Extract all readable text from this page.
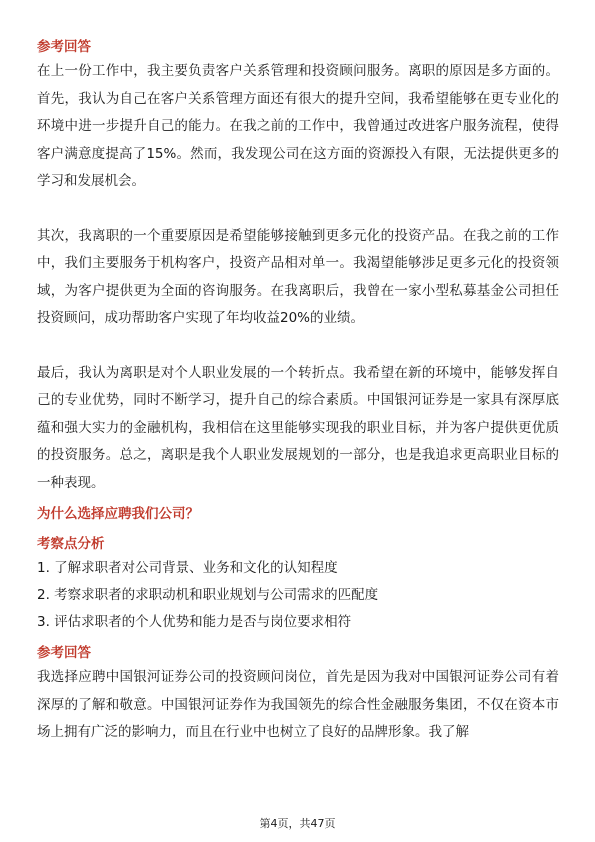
参考回答

在上一份工作中，我主要负责客户关系管理和投资顾问服务。离职的原因是多方面的。首先，我认为自己在客户关系管理方面还有很大的提升空间，我希望能够在更专业化的环境中进一步提升自己的能力。在我之前的工作中，我曾通过改进客户服务流程，使得客户满意度提高了15%。然而，我发现公司在这方面的资源投入有限，无法提供更多的学习和发展机会。

其次，我离职的一个重要原因是希望能够接触到更多元化的投资产品。在我之前的工作中，我们主要服务于机构客户，投资产品相对单一。我渴望能够涉足更多元化的投资领域，为客户提供更为全面的咨询服务。在我离职后，我曾在一家小型私募基金公司担任投资顾问，成功帮助客户实现了年均收益20%的业绩。

最后，我认为离职是对个人职业发展的一个转折点。我希望在新的环境中，能够发挥自己的专业优势，同时不断学习，提升自己的综合素质。中国银河证券是一家具有深厚底蕴和强大实力的金融机构，我相信在这里能够实现我的职业目标，并为客户提供更优质的投资服务。总之，离职是我个人职业发展规划的一部分，也是我追求更高职业目标的一种表现。

为什么选择应聘我们公司？

考察点分析

1. 了解求职者对公司背景、业务和文化的认知程度

2. 考察求职者的求职动机和职业规划与公司需求的匹配度

3. 评估求职者的个人优势和能力是否与岗位要求相符

参考回答

我选择应聘中国银河证券公司的投资顾问岗位，首先是因为我对中国银河证券公司有着深厚的了解和敬意。中国银河证券作为我国领先的综合性金融服务集团，不仅在资本市场上拥有广泛的影响力，而且在行业中也树立了良好的品牌形象。我了解

第4页，共47页
